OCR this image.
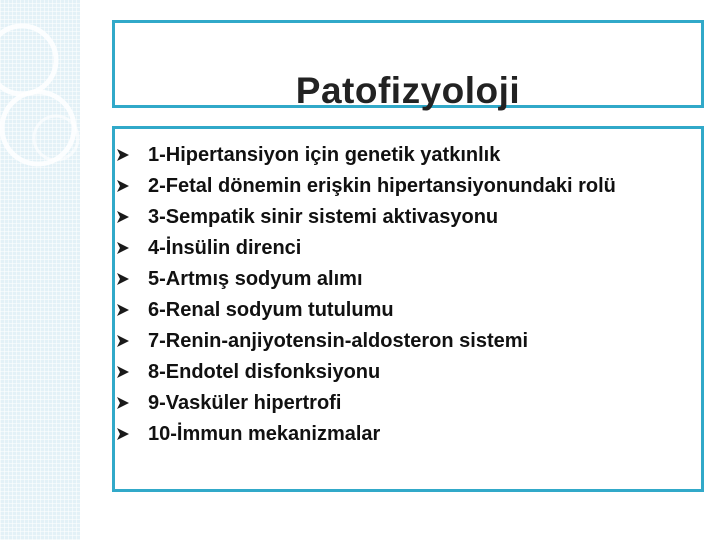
Patofizyoloji
1-Hipertansiyon için genetik yatkınlık
2-Fetal dönemin erişkin hipertansiyonundaki rolü
3-Sempatik sinir sistemi aktivasyonu
4-İnsülin direnci
5-Artmış sodyum alımı
6-Renal sodyum tutulumu
7-Renin-anjiyotensin-aldosteron sistemi
8-Endotel disfonksiyonu
9-Vasküler hipertrofi
10-İmmun mekanizmalar
